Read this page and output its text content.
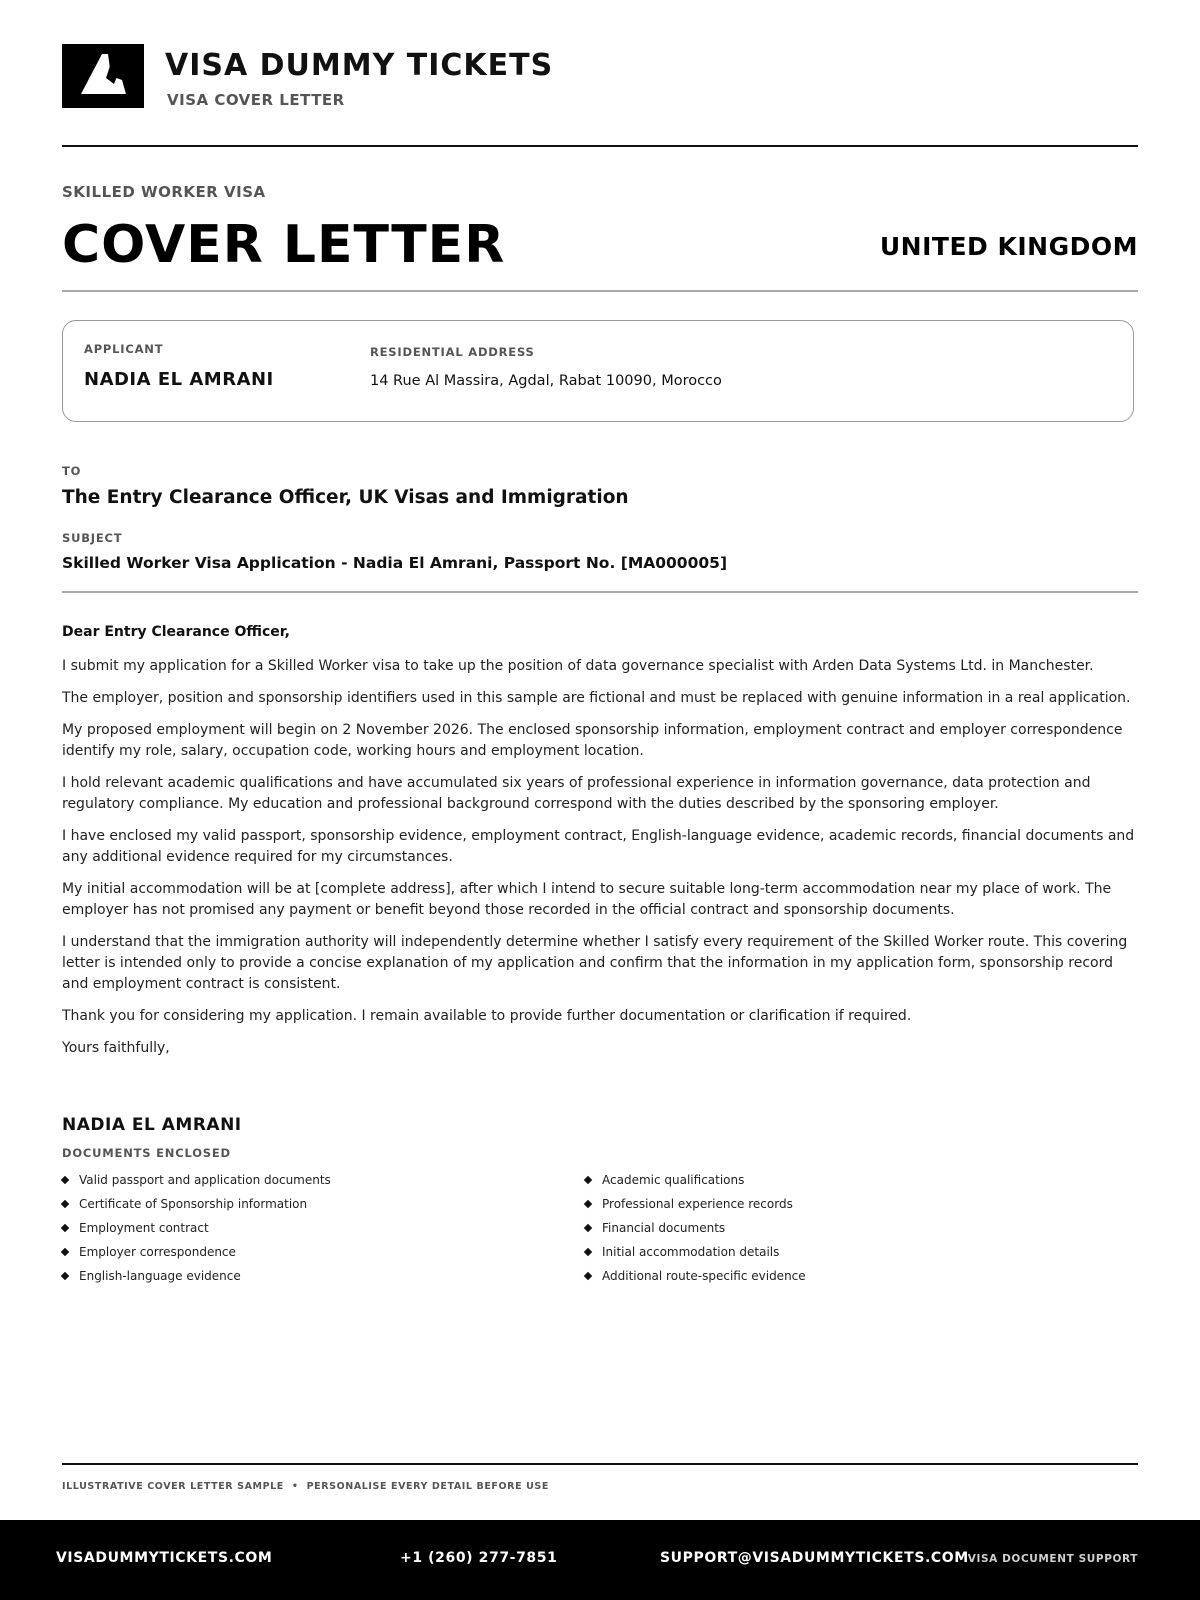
VISA DUMMY TICKETS
VISA COVER LETTER
SKILLED WORKER VISA
COVER LETTER	UNITED KINGDOM
APPLICANT
NADIA EL AMRANI
RESIDENTIAL ADDRESS
14 Rue Al Massira, Agdal, Rabat 10090, Morocco
TO
The Entry Clearance Officer, UK Visas and Immigration
SUBJECT
Skilled Worker Visa Application - Nadia El Amrani, Passport No. [MA000005]
Dear Entry Clearance Officer,

I submit my application for a Skilled Worker visa to take up the position of data governance specialist with Arden Data Systems Ltd. in Manchester.

The employer, position and sponsorship identifiers used in this sample are fictional and must be replaced with genuine information in a real application.

My proposed employment will begin on 2 November 2026. The enclosed sponsorship information, employment contract and employer correspondence identify my role, salary, occupation code, working hours and employment location.

I hold relevant academic qualifications and have accumulated six years of professional experience in information governance, data protection and regulatory compliance. My education and professional background correspond with the duties described by the sponsoring employer.

I have enclosed my valid passport, sponsorship evidence, employment contract, English-language evidence, academic records, financial documents and any additional evidence required for my circumstances.

My initial accommodation will be at [complete address], after which I intend to secure suitable long-term accommodation near my place of work. The employer has not promised any payment or benefit beyond those recorded in the official contract and sponsorship documents.

I understand that the immigration authority will independently determine whether I satisfy every requirement of the Skilled Worker route. This covering letter is intended only to provide a concise explanation of my application and confirm that the information in my application form, sponsorship record and employment contract is consistent.

Thank you for considering my application. I remain available to provide further documentation or clarification if required.

Yours faithfully,

NADIA EL AMRANI
DOCUMENTS ENCLOSED
Valid passport and application documents
Certificate of Sponsorship information
Employment contract
Employer correspondence
English-language evidence
Academic qualifications
Professional experience records
Financial documents
Initial accommodation details
Additional route-specific evidence
ILLUSTRATIVE COVER LETTER SAMPLE • PERSONALISE EVERY DETAIL BEFORE USE
VISADUMMYTICKETS.COM	+1 (260) 277-7851	SUPPORT@VISADUMMYTICKETS.COM
VISA DOCUMENT SUPPORT
